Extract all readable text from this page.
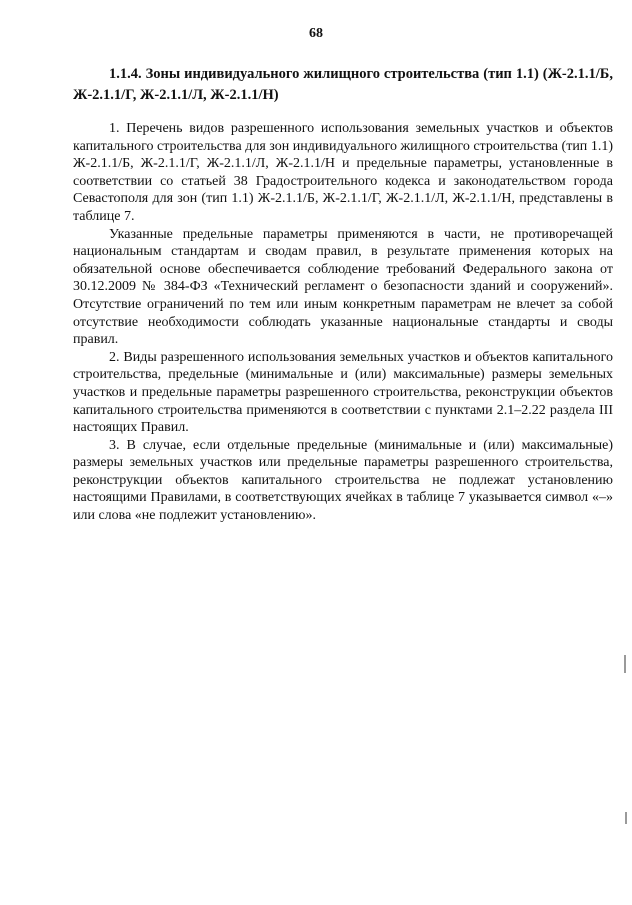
68
1.1.4. Зоны индивидуального жилищного строительства (тип 1.1) (Ж-2.1.1/Б, Ж-2.1.1/Г, Ж-2.1.1/Л, Ж-2.1.1/Н)

1. Перечень видов разрешенного использования земельных участков и объектов капитального строительства для зон индивидуального жилищного строительства (тип 1.1) Ж-2.1.1/Б, Ж-2.1.1/Г, Ж-2.1.1/Л, Ж-2.1.1/Н и предельные параметры, установленные в соответствии со статьей 38 Градостроительного кодекса и законодательством города Севастополя для зон (тип 1.1) Ж-2.1.1/Б, Ж-2.1.1/Г, Ж-2.1.1/Л, Ж-2.1.1/Н, представлены в таблице 7.

Указанные предельные параметры применяются в части, не противоречащей национальным стандартам и сводам правил, в результате применения которых на обязательной основе обеспечивается соблюдение требований Федерального закона от 30.12.2009 № 384-ФЗ «Технический регламент о безопасности зданий и сооружений». Отсутствие ограничений по тем или иным конкретным параметрам не влечет за собой отсутствие необходимости соблюдать указанные национальные стандарты и своды правил.

2. Виды разрешенного использования земельных участков и объектов капитального строительства, предельные (минимальные и (или) максимальные) размеры земельных участков и предельные параметры разрешенного строительства, реконструкции объектов капитального строительства применяются в соответствии с пунктами 2.1–2.22 раздела III настоящих Правил.

3. В случае, если отдельные предельные (минимальные и (или) максимальные) размеры земельных участков или предельные параметры разрешенного строительства, реконструкции объектов капитального строительства не подлежат установлению настоящими Правилами, в соответствующих ячейках в таблице 7 указывается символ «–» или слова «не подлежит установлению».
